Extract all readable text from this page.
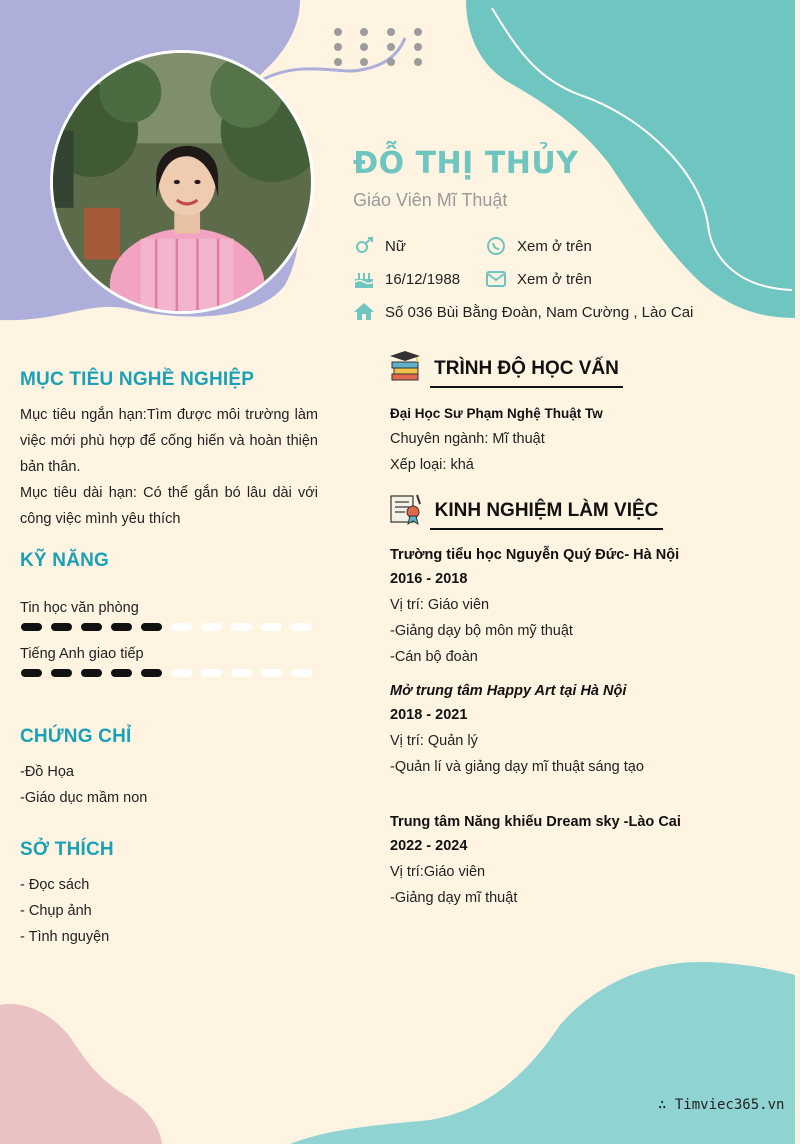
ĐỖ THỊ THỦY
Giáo Viên Mĩ Thuật
Nữ	Xem ở trên
16/12/1988	Xem ở trên
Số 036 Bùi Bằng Đoàn, Nam Cường , Lào Cai
MỤC TIÊU NGHỀ NGHIỆP
Mục tiêu ngắn hạn:Tìm được môi trường làm việc mới phù hợp để cống hiến và hoàn thiện bản thân.
Mục tiêu dài hạn: Có thể gắn bó lâu dài với công việc mình yêu thích
KỸ NĂNG
Tin học văn phòng
Tiếng Anh giao tiếp
CHỨNG CHỈ
-Đồ Họa
-Giáo dục mầm non
SỞ THÍCH
- Đọc sách
- Chụp ảnh
- Tình nguyện
TRÌNH ĐỘ HỌC VẤN
Đại Học Sư Phạm Nghệ Thuật Tw
Chuyên ngành: Mĩ thuật
Xếp loại: khá
KINH NGHIỆM LÀM VIỆC
Trường tiểu học Nguyễn Quý Đức- Hà Nội
2016 - 2018
Vị trí: Giáo viên
-Giảng dạy bộ môn mỹ thuật
-Cán bộ đoàn
Mở trung tâm Happy Art tại Hà Nội
2018 - 2021
Vị trí: Quản lý
-Quản lí và giảng dạy mĩ thuật sáng tạo
Trung tâm Năng khiếu Dream sky -Lào Cai
2022 - 2024
Vị trí:Giáo viên
-Giảng dạy mĩ thuật
∴ Timviec365.vn
